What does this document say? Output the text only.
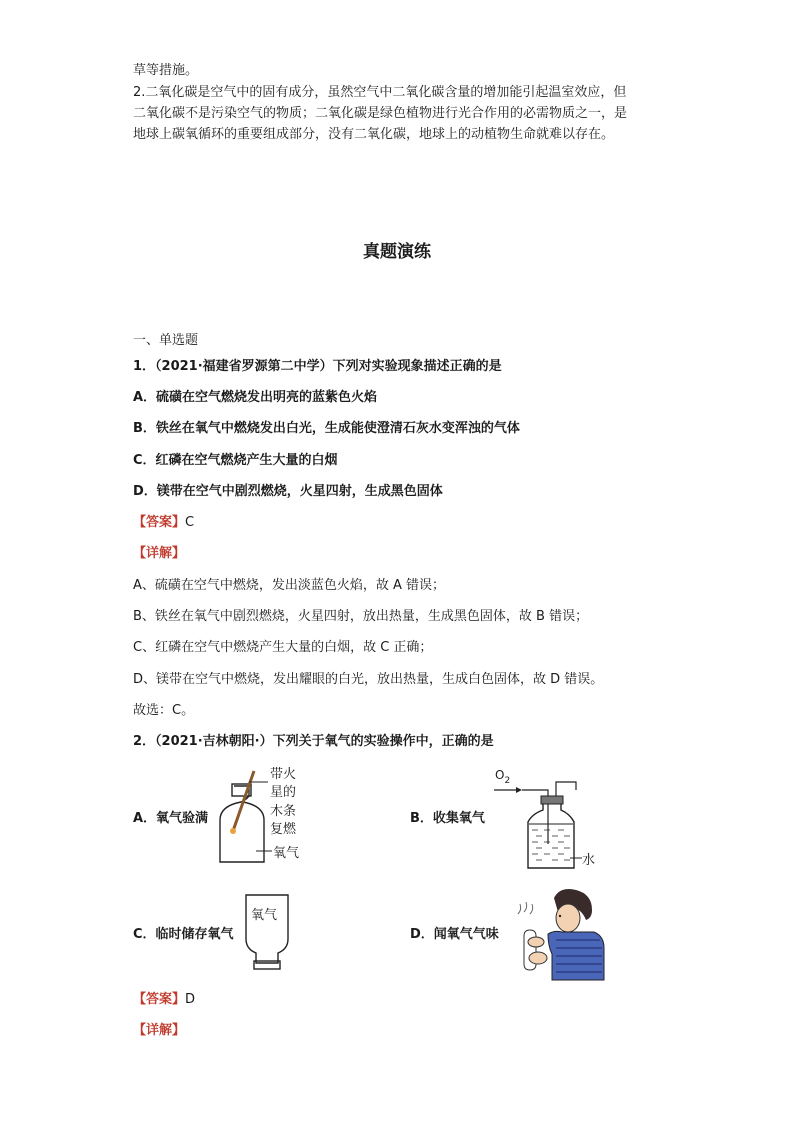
草等措施。
2.二氧化碳是空气中的固有成分，虽然空气中二氧化碳含量的增加能引起温室效应，但
二氧化碳不是污染空气的物质；二氧化碳是绿色植物进行光合作用的必需物质之一，是
地球上碳氧循环的重要组成部分，没有二氧化碳，地球上的动植物生命就难以存在。
真题演练
一、单选题
1．（2021·福建省罗源第二中学）下列对实验现象描述正确的是
A．硫磺在空气燃烧发出明亮的蓝紫色火焰
B．铁丝在氧气中燃烧发出白光，生成能使澄清石灰水变浑浊的气体
C．红磷在空气燃烧产生大量的白烟
D．镁带在空气中剧烈燃烧，火星四射，生成黑色固体
【答案】C
【详解】
A、硫磺在空气中燃烧，发出淡蓝色火焰，故 A 错误；
B、铁丝在氧气中剧烈燃烧，火星四射，放出热量，生成黑色固体，故 B 错误；
C、红磷在空气中燃烧产生大量的白烟，故 C 正确；
D、镁带在空气中燃烧，发出耀眼的白光，放出热量，生成白色固体，故 D 错误。
故选：C。
2．（2021·吉林朝阳·）下列关于氧气的实验操作中，正确的是
A．氧气验满	B．收集氧气
C．临时储存氧气	D．闻氧气气味
带火
星的
木条
复燃
氧气
$O_2$
水
氧气
【答案】D
【详解】
